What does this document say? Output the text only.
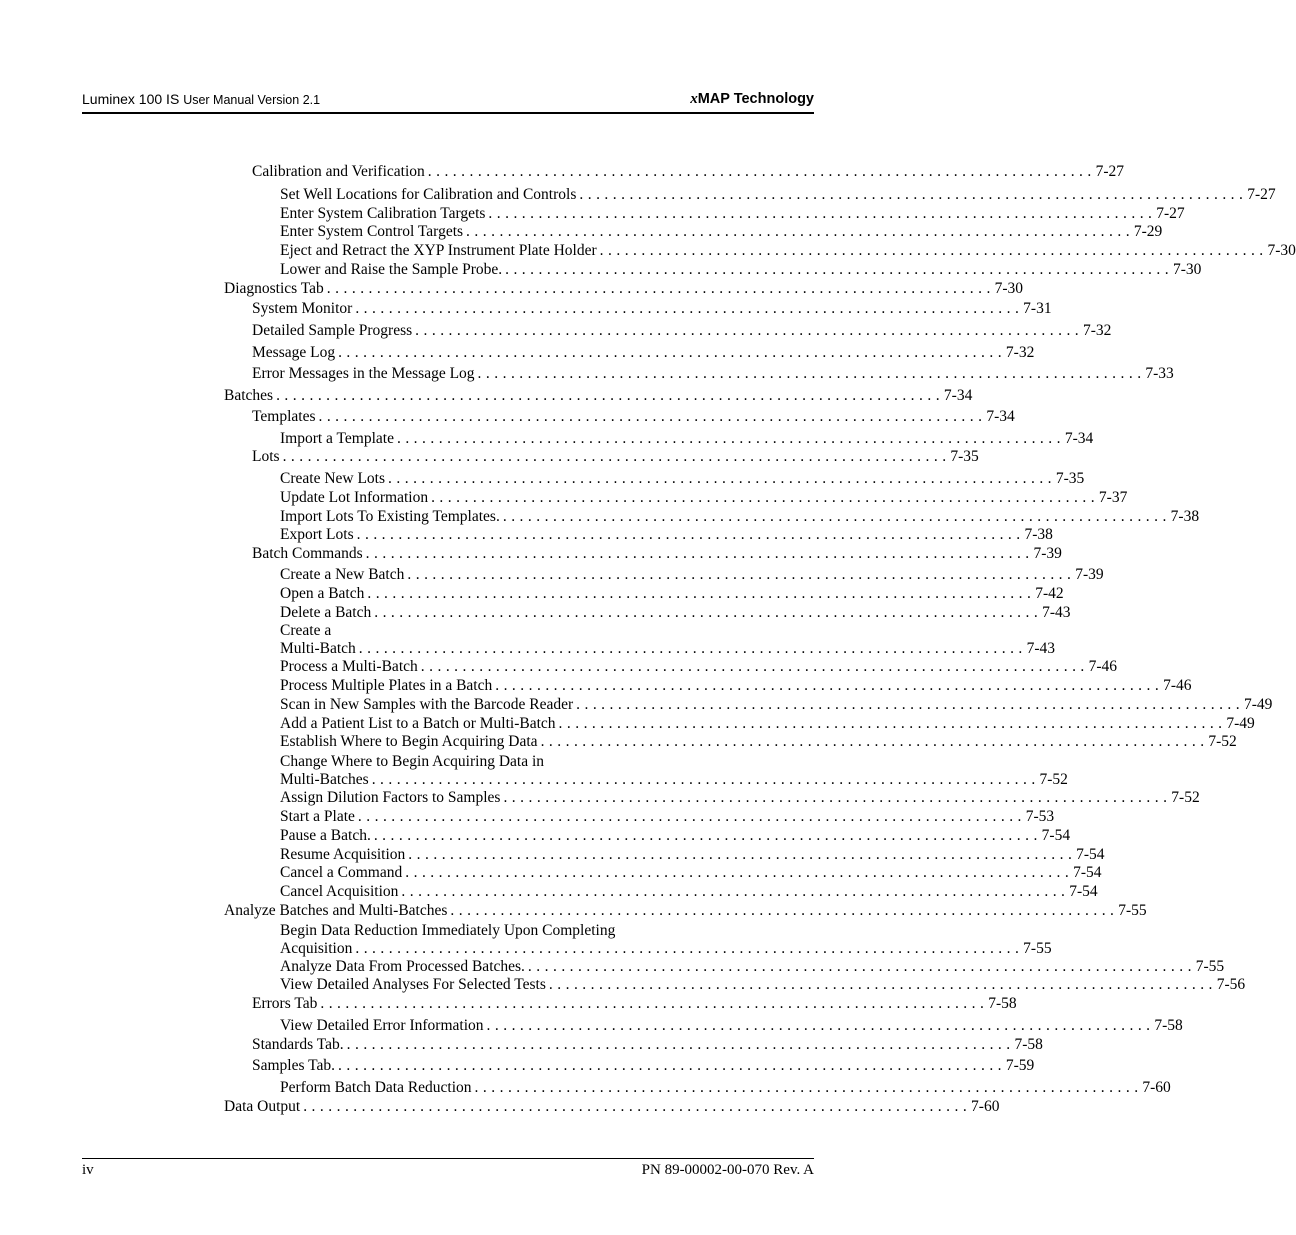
Luminex 100 IS User Manual Version 2.1	xMAP Technology
Calibration and Verification . . . . . . . . . . . . . . . . . . . . . . . . . . . . . . . . . . . . . . . . . . . . . . . . . . . . . . . . . . . . . . . . . . . . . . . . . . . . . . . . 7-27
Set Well Locations for Calibration and Controls . . . . . . . . . . . . . . . . . . . . . . . . . . . . . . . . . . . . . . . . . . . . . . . . . . . . . . . . . . . . . . . . . . . . . . . . . . . . . . . . 7-27
Enter System Calibration Targets . . . . . . . . . . . . . . . . . . . . . . . . . . . . . . . . . . . . . . . . . . . . . . . . . . . . . . . . . . . . . . . . . . . . . . . . . . . . . . . . 7-27
Enter System Control Targets . . . . . . . . . . . . . . . . . . . . . . . . . . . . . . . . . . . . . . . . . . . . . . . . . . . . . . . . . . . . . . . . . . . . . . . . . . . . . . . . 7-29
Eject and Retract the XYP Instrument Plate Holder . . . . . . . . . . . . . . . . . . . . . . . . . . . . . . . . . . . . . . . . . . . . . . . . . . . . . . . . . . . . . . . . . . . . . . . . . . . . . . . . 7-30
Lower and Raise the Sample Probe. . . . . . . . . . . . . . . . . . . . . . . . . . . . . . . . . . . . . . . . . . . . . . . . . . . . . . . . . . . . . . . . . . . . . . . . . . . . . . . . . 7-30
Diagnostics Tab . . . . . . . . . . . . . . . . . . . . . . . . . . . . . . . . . . . . . . . . . . . . . . . . . . . . . . . . . . . . . . . . . . . . . . . . . . . . . . . . 7-30
System Monitor . . . . . . . . . . . . . . . . . . . . . . . . . . . . . . . . . . . . . . . . . . . . . . . . . . . . . . . . . . . . . . . . . . . . . . . . . . . . . . . . 7-31
Detailed Sample Progress . . . . . . . . . . . . . . . . . . . . . . . . . . . . . . . . . . . . . . . . . . . . . . . . . . . . . . . . . . . . . . . . . . . . . . . . . . . . . . . . 7-32
Message Log . . . . . . . . . . . . . . . . . . . . . . . . . . . . . . . . . . . . . . . . . . . . . . . . . . . . . . . . . . . . . . . . . . . . . . . . . . . . . . . . 7-32
Error Messages in the Message Log . . . . . . . . . . . . . . . . . . . . . . . . . . . . . . . . . . . . . . . . . . . . . . . . . . . . . . . . . . . . . . . . . . . . . . . . . . . . . . . . 7-33
Batches . . . . . . . . . . . . . . . . . . . . . . . . . . . . . . . . . . . . . . . . . . . . . . . . . . . . . . . . . . . . . . . . . . . . . . . . . . . . . . . . 7-34
Templates . . . . . . . . . . . . . . . . . . . . . . . . . . . . . . . . . . . . . . . . . . . . . . . . . . . . . . . . . . . . . . . . . . . . . . . . . . . . . . . . 7-34
Import a Template . . . . . . . . . . . . . . . . . . . . . . . . . . . . . . . . . . . . . . . . . . . . . . . . . . . . . . . . . . . . . . . . . . . . . . . . . . . . . . . . 7-34
Lots . . . . . . . . . . . . . . . . . . . . . . . . . . . . . . . . . . . . . . . . . . . . . . . . . . . . . . . . . . . . . . . . . . . . . . . . . . . . . . . . 7-35
Create New Lots . . . . . . . . . . . . . . . . . . . . . . . . . . . . . . . . . . . . . . . . . . . . . . . . . . . . . . . . . . . . . . . . . . . . . . . . . . . . . . . . 7-35
Update Lot Information . . . . . . . . . . . . . . . . . . . . . . . . . . . . . . . . . . . . . . . . . . . . . . . . . . . . . . . . . . . . . . . . . . . . . . . . . . . . . . . . 7-37
Import Lots To Existing Templates. . . . . . . . . . . . . . . . . . . . . . . . . . . . . . . . . . . . . . . . . . . . . . . . . . . . . . . . . . . . . . . . . . . . . . . . . . . . . . . . . 7-38
Export Lots . . . . . . . . . . . . . . . . . . . . . . . . . . . . . . . . . . . . . . . . . . . . . . . . . . . . . . . . . . . . . . . . . . . . . . . . . . . . . . . . 7-38
Batch Commands . . . . . . . . . . . . . . . . . . . . . . . . . . . . . . . . . . . . . . . . . . . . . . . . . . . . . . . . . . . . . . . . . . . . . . . . . . . . . . . . 7-39
Create a New Batch . . . . . . . . . . . . . . . . . . . . . . . . . . . . . . . . . . . . . . . . . . . . . . . . . . . . . . . . . . . . . . . . . . . . . . . . . . . . . . . . 7-39
Open a Batch . . . . . . . . . . . . . . . . . . . . . . . . . . . . . . . . . . . . . . . . . . . . . . . . . . . . . . . . . . . . . . . . . . . . . . . . . . . . . . . . 7-42
Delete a Batch . . . . . . . . . . . . . . . . . . . . . . . . . . . . . . . . . . . . . . . . . . . . . . . . . . . . . . . . . . . . . . . . . . . . . . . . . . . . . . . . 7-43
Create a
Multi-Batch . . . . . . . . . . . . . . . . . . . . . . . . . . . . . . . . . . . . . . . . . . . . . . . . . . . . . . . . . . . . . . . . . . . . . . . . . . . . . . . . 7-43
Process a Multi-Batch . . . . . . . . . . . . . . . . . . . . . . . . . . . . . . . . . . . . . . . . . . . . . . . . . . . . . . . . . . . . . . . . . . . . . . . . . . . . . . . . 7-46
Process Multiple Plates in a Batch . . . . . . . . . . . . . . . . . . . . . . . . . . . . . . . . . . . . . . . . . . . . . . . . . . . . . . . . . . . . . . . . . . . . . . . . . . . . . . . . 7-46
Scan in New Samples with the Barcode Reader . . . . . . . . . . . . . . . . . . . . . . . . . . . . . . . . . . . . . . . . . . . . . . . . . . . . . . . . . . . . . . . . . . . . . . . . . . . . . . . . 7-49
Add a Patient List to a Batch or Multi-Batch . . . . . . . . . . . . . . . . . . . . . . . . . . . . . . . . . . . . . . . . . . . . . . . . . . . . . . . . . . . . . . . . . . . . . . . . . . . . . . . . 7-49
Establish Where to Begin Acquiring Data . . . . . . . . . . . . . . . . . . . . . . . . . . . . . . . . . . . . . . . . . . . . . . . . . . . . . . . . . . . . . . . . . . . . . . . . . . . . . . . . 7-52
Change Where to Begin Acquiring Data in
Multi-Batches . . . . . . . . . . . . . . . . . . . . . . . . . . . . . . . . . . . . . . . . . . . . . . . . . . . . . . . . . . . . . . . . . . . . . . . . . . . . . . . . 7-52
Assign Dilution Factors to Samples . . . . . . . . . . . . . . . . . . . . . . . . . . . . . . . . . . . . . . . . . . . . . . . . . . . . . . . . . . . . . . . . . . . . . . . . . . . . . . . . 7-52
Start a Plate . . . . . . . . . . . . . . . . . . . . . . . . . . . . . . . . . . . . . . . . . . . . . . . . . . . . . . . . . . . . . . . . . . . . . . . . . . . . . . . . 7-53
Pause a Batch. . . . . . . . . . . . . . . . . . . . . . . . . . . . . . . . . . . . . . . . . . . . . . . . . . . . . . . . . . . . . . . . . . . . . . . . . . . . . . . . . 7-54
Resume Acquisition . . . . . . . . . . . . . . . . . . . . . . . . . . . . . . . . . . . . . . . . . . . . . . . . . . . . . . . . . . . . . . . . . . . . . . . . . . . . . . . . 7-54
Cancel a Command . . . . . . . . . . . . . . . . . . . . . . . . . . . . . . . . . . . . . . . . . . . . . . . . . . . . . . . . . . . . . . . . . . . . . . . . . . . . . . . . 7-54
Cancel Acquisition . . . . . . . . . . . . . . . . . . . . . . . . . . . . . . . . . . . . . . . . . . . . . . . . . . . . . . . . . . . . . . . . . . . . . . . . . . . . . . . . 7-54
Analyze Batches and Multi-Batches . . . . . . . . . . . . . . . . . . . . . . . . . . . . . . . . . . . . . . . . . . . . . . . . . . . . . . . . . . . . . . . . . . . . . . . . . . . . . . . . 7-55
Begin Data Reduction Immediately Upon Completing
Acquisition . . . . . . . . . . . . . . . . . . . . . . . . . . . . . . . . . . . . . . . . . . . . . . . . . . . . . . . . . . . . . . . . . . . . . . . . . . . . . . . . 7-55
Analyze Data From Processed Batches. . . . . . . . . . . . . . . . . . . . . . . . . . . . . . . . . . . . . . . . . . . . . . . . . . . . . . . . . . . . . . . . . . . . . . . . . . . . . . . . . 7-55
View Detailed Analyses For Selected Tests . . . . . . . . . . . . . . . . . . . . . . . . . . . . . . . . . . . . . . . . . . . . . . . . . . . . . . . . . . . . . . . . . . . . . . . . . . . . . . . . 7-56
Errors Tab . . . . . . . . . . . . . . . . . . . . . . . . . . . . . . . . . . . . . . . . . . . . . . . . . . . . . . . . . . . . . . . . . . . . . . . . . . . . . . . . 7-58
View Detailed Error Information . . . . . . . . . . . . . . . . . . . . . . . . . . . . . . . . . . . . . . . . . . . . . . . . . . . . . . . . . . . . . . . . . . . . . . . . . . . . . . . . 7-58
Standards Tab. . . . . . . . . . . . . . . . . . . . . . . . . . . . . . . . . . . . . . . . . . . . . . . . . . . . . . . . . . . . . . . . . . . . . . . . . . . . . . . . . 7-58
Samples Tab. . . . . . . . . . . . . . . . . . . . . . . . . . . . . . . . . . . . . . . . . . . . . . . . . . . . . . . . . . . . . . . . . . . . . . . . . . . . . . . . . 7-59
Perform Batch Data Reduction . . . . . . . . . . . . . . . . . . . . . . . . . . . . . . . . . . . . . . . . . . . . . . . . . . . . . . . . . . . . . . . . . . . . . . . . . . . . . . . . 7-60
Data Output . . . . . . . . . . . . . . . . . . . . . . . . . . . . . . . . . . . . . . . . . . . . . . . . . . . . . . . . . . . . . . . . . . . . . . . . . . . . . . . . 7-60
iv	PN 89-00002-00-070 Rev. A
